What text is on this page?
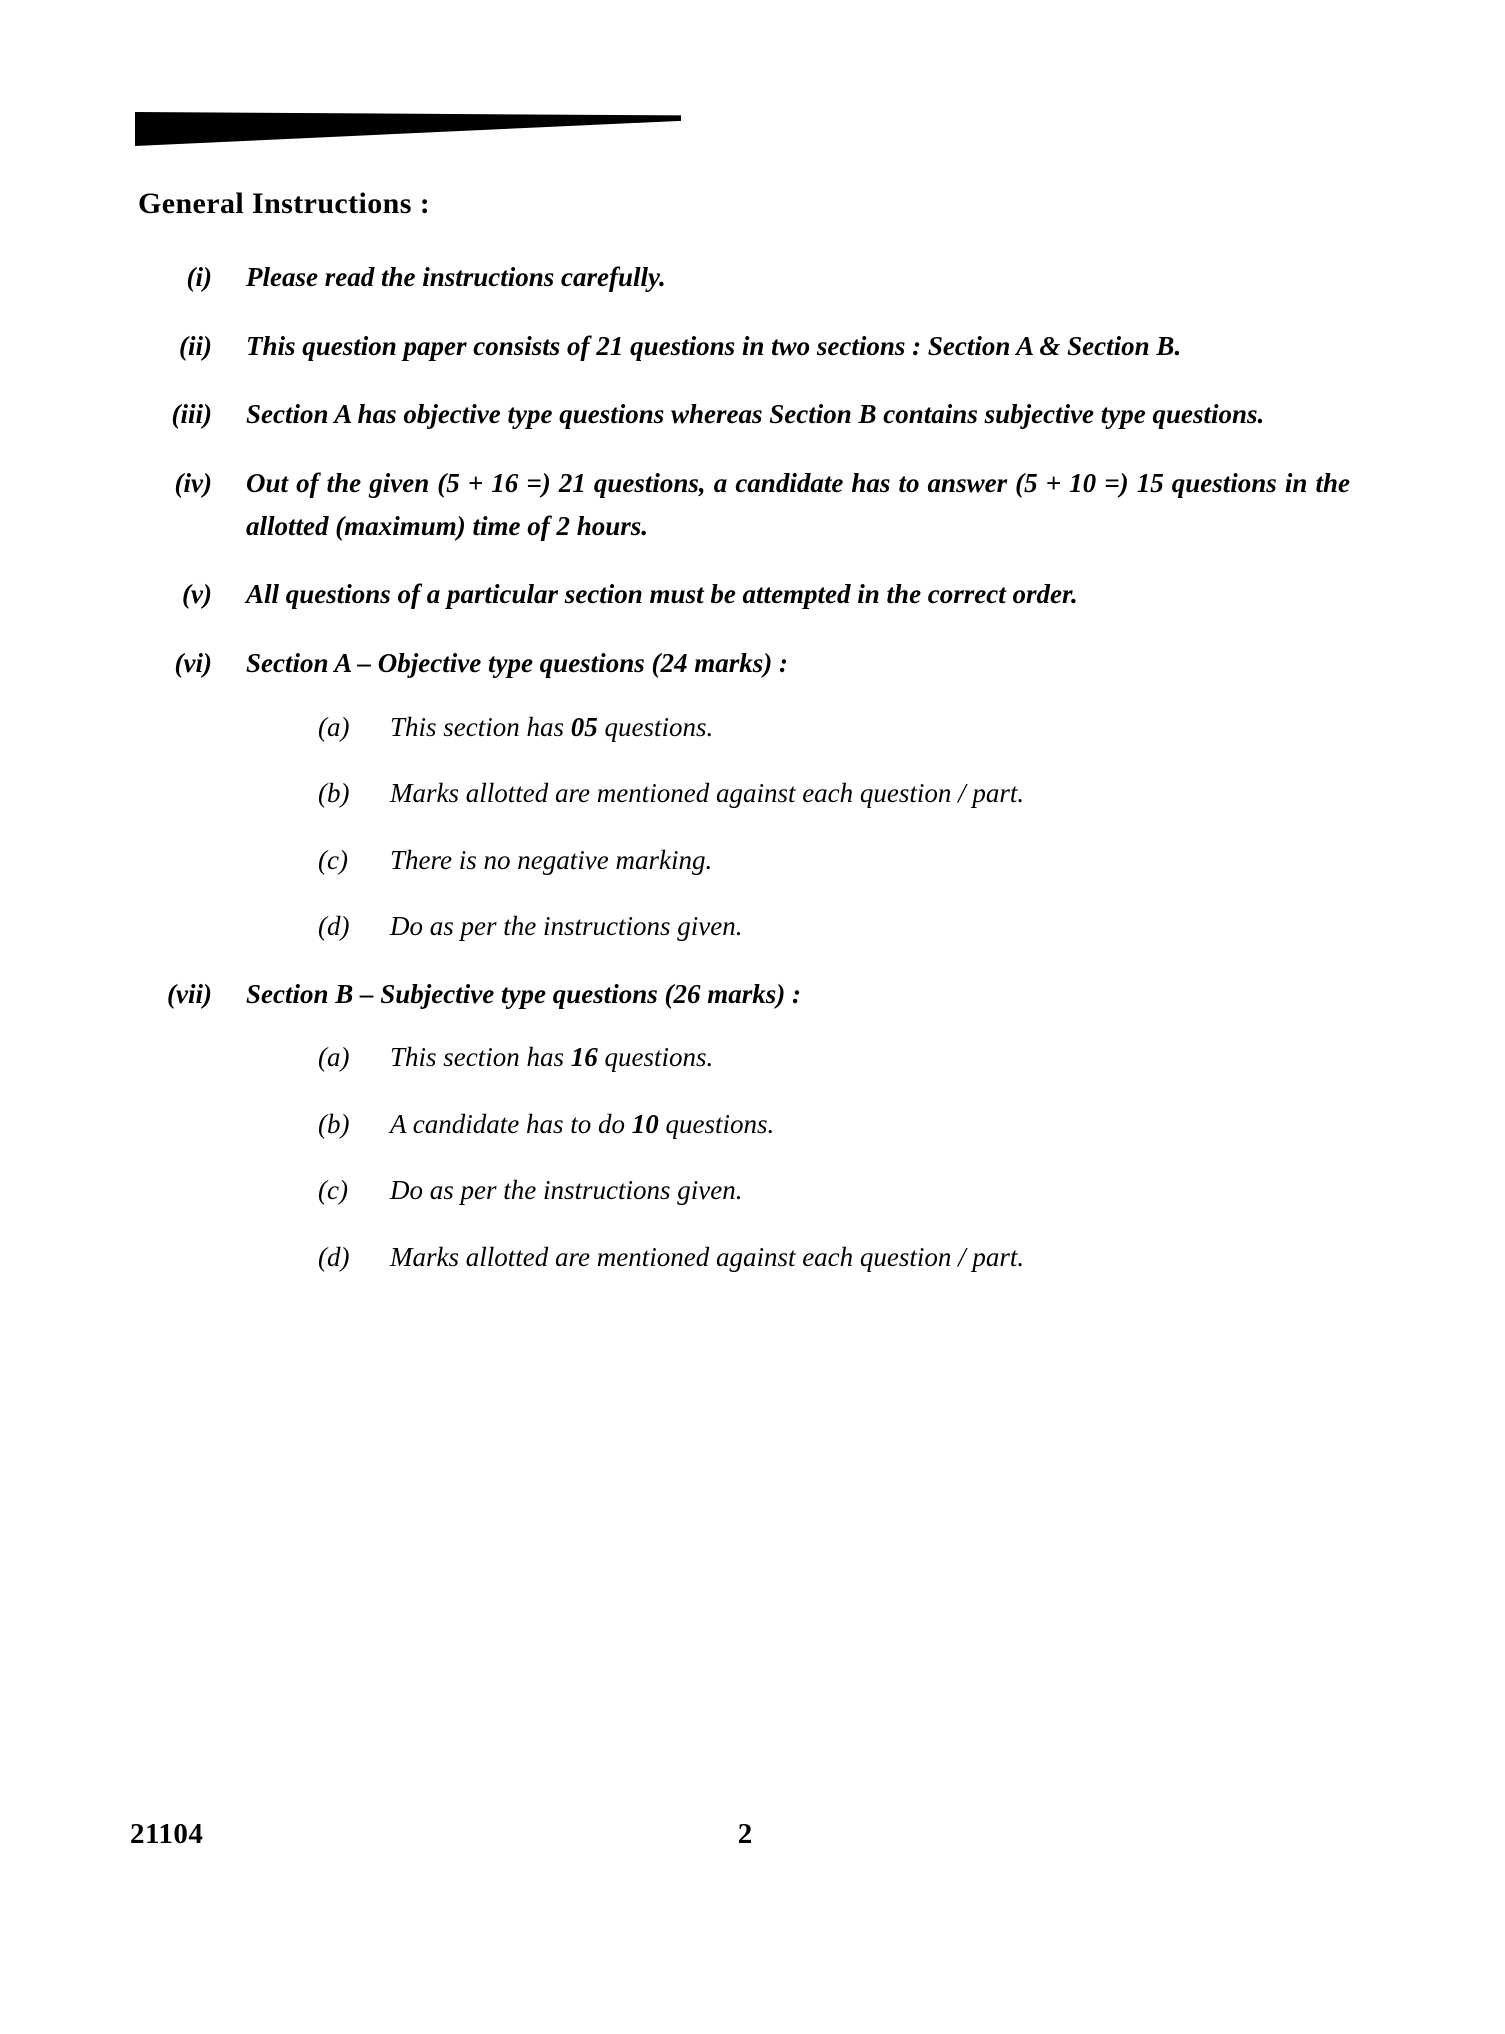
General Instructions :
(i)	Please read the instructions carefully.
(ii)	This question paper consists of 21 questions in two sections : Section A & Section B.
(iii)	Section A has objective type questions whereas Section B contains subjective type questions.
(iv)	Out of the given (5 + 16 =) 21 questions, a candidate has to answer (5 + 10 =) 15 questions in the allotted (maximum) time of 2 hours.
(v)	All questions of a particular section must be attempted in the correct order.
(vi)	Section A – Objective type questions (24 marks) :
(a)	This section has 05 questions.
(b)	Marks allotted are mentioned against each question / part.
(c)	There is no negative marking.
(d)	Do as per the instructions given.
(vii)	Section B – Subjective type questions (26 marks) :
(a)	This section has 16 questions.
(b)	A candidate has to do 10 questions.
(c)	Do as per the instructions given.
(d)	Marks allotted are mentioned against each question / part.
21104	2
